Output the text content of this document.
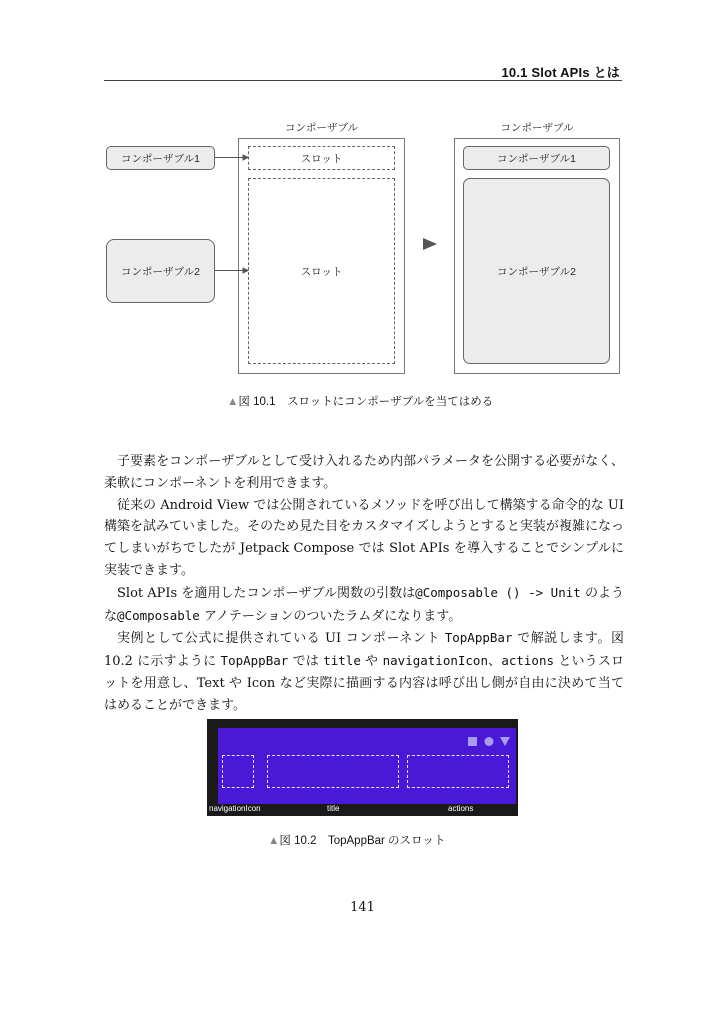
10.1 Slot APIs とは
コンポーザブル	コンポーザブル
コンポーザブル1
コンポーザブル2
スロット
スロット
コンポーザブル1
コンポーザブル2
▲図 10.1　スロットにコンポーザブルを当てはめる

子要素をコンポーザブルとして受け入れるため内部パラメータを公開する必要がなく、柔軟にコンポーネントを利用できます。

従来の Android View では公開されているメソッドを呼び出して構築する命令的な UI 構築を試みていました。そのため見た目をカスタマイズしようとすると実装が複雑になってしまいがちでしたが Jetpack Compose では Slot APIs を導入することでシンプルに実装できます。

Slot APIs を適用したコンポーザブル関数の引数は@Composable () -> Unit のような@Composable アノテーションのついたラムダになります。

実例として公式に提供されている UI コンポーネント TopAppBar で解説します。図 10.2 に示すように TopAppBar では title や navigationIcon、actions というスロットを用意し、Text や Icon など実際に描画する内容は呼び出し側が自由に決めて当てはめることができます。

navigationIcon	title	actions
▲図 10.2　TopAppBar のスロット
141
